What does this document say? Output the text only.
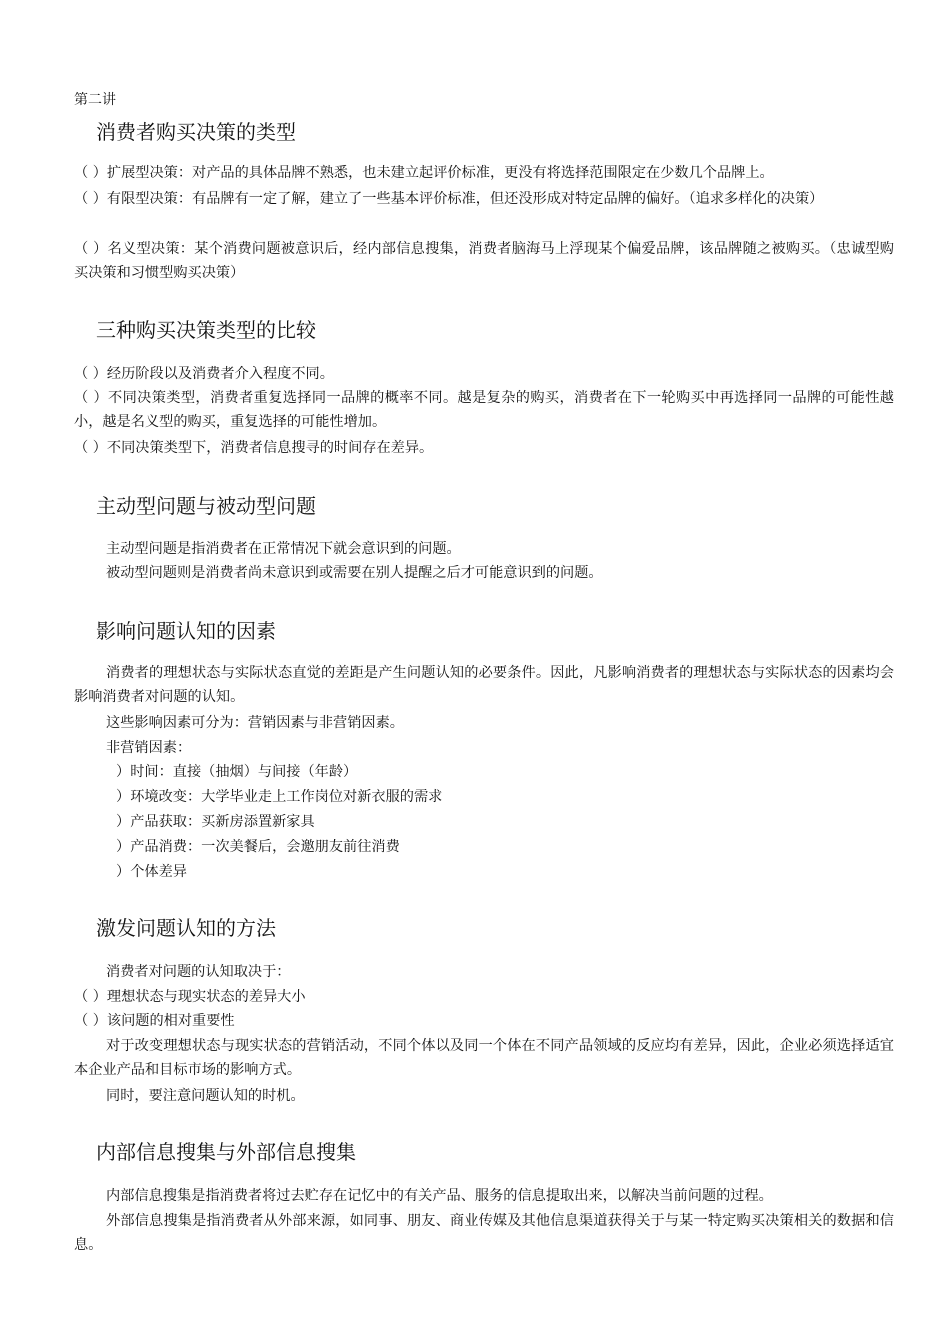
第二讲
消费者购买决策的类型
（ ）扩展型决策：对产品的具体品牌不熟悉，也未建立起评价标准，更没有将选择范围限定在少数几个品牌上。
（ ）有限型决策：有品牌有一定了解，建立了一些基本评价标准，但还没形成对特定品牌的偏好。（追求多样化的决策）
（ ）名义型决策：某个消费问题被意识后，经内部信息搜集，消费者脑海马上浮现某个偏爱品牌，该品牌随之被购买。（忠诚型购买决策和习惯型购买决策）
三种购买决策类型的比较
（ ）经历阶段以及消费者介入程度不同。
（ ）不同决策类型，消费者重复选择同一品牌的概率不同。越是复杂的购买，消费者在下一轮购买中再选择同一品牌的可能性越小，越是名义型的购买，重复选择的可能性增加。
（ ）不同决策类型下，消费者信息搜寻的时间存在差异。
主动型问题与被动型问题
主动型问题是指消费者在正常情况下就会意识到的问题。
被动型问题则是消费者尚未意识到或需要在别人提醒之后才可能意识到的问题。
影响问题认知的因素
消费者的理想状态与实际状态直觉的差距是产生问题认知的必要条件。因此，凡影响消费者的理想状态与实际状态的因素均会影响消费者对问题的认知。
这些影响因素可分为：营销因素与非营销因素。
非营销因素：
）时间：直接（抽烟）与间接（年龄）
）环境改变：大学毕业走上工作岗位对新衣服的需求
）产品获取：买新房添置新家具
）产品消费：一次美餐后，会邀朋友前往消费
）个体差异
激发问题认知的方法
消费者对问题的认知取决于：
（ ）理想状态与现实状态的差异大小
（ ）该问题的相对重要性
对于改变理想状态与现实状态的营销活动，不同个体以及同一个体在不同产品领域的反应均有差异，因此，企业必须选择适宜本企业产品和目标市场的影响方式。
同时，要注意问题认知的时机。
内部信息搜集与外部信息搜集
内部信息搜集是指消费者将过去贮存在记忆中的有关产品、服务的信息提取出来，以解决当前问题的过程。
外部信息搜集是指消费者从外部来源，如同事、朋友、商业传媒及其他信息渠道获得关于与某一特定购买决策相关的数据和信息。
